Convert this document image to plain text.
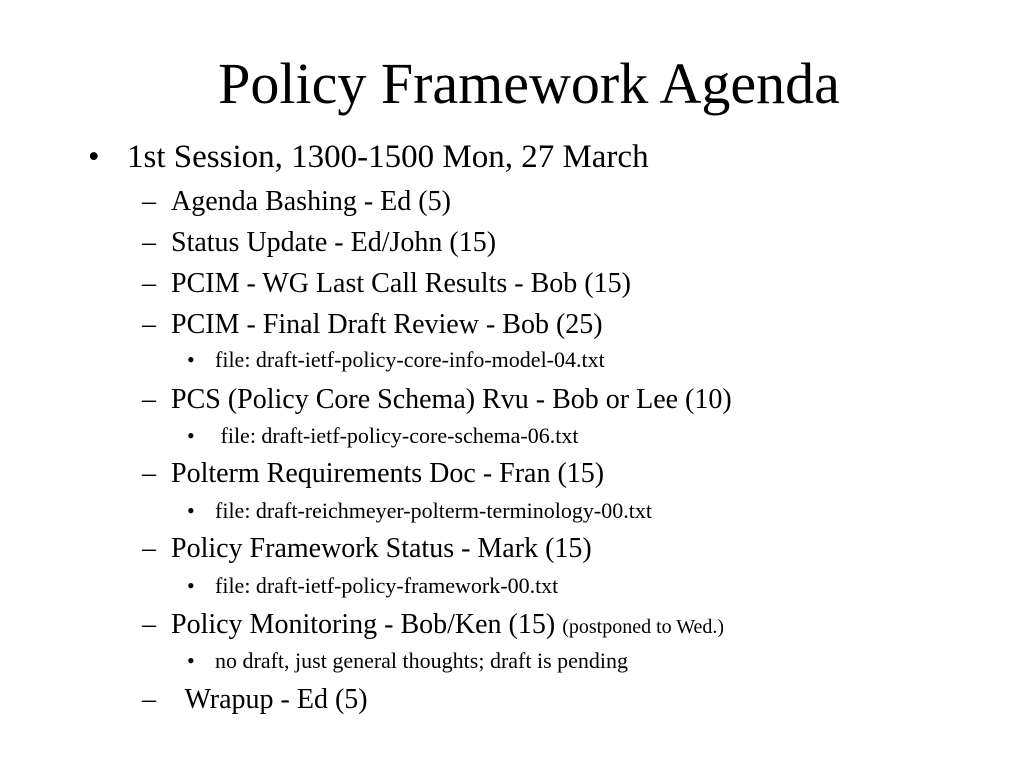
Policy Framework Agenda
• 1st Session, 1300-1500 Mon, 27 March
– Agenda Bashing - Ed (5)
– Status Update - Ed/John (15)
– PCIM - WG Last Call Results - Bob (15)
– PCIM - Final Draft Review - Bob (25)
• file: draft-ietf-policy-core-info-model-04.txt
– PCS (Policy Core Schema) Rvu - Bob or Lee (10)
• file: draft-ietf-policy-core-schema-06.txt
– Polterm Requirements Doc - Fran (15)
• file: draft-reichmeyer-polterm-terminology-00.txt
– Policy Framework Status - Mark (15)
• file: draft-ietf-policy-framework-00.txt
– Policy Monitoring - Bob/Ken (15) (postponed to Wed.)
• no draft, just general thoughts; draft is pending
– Wrapup - Ed (5)
